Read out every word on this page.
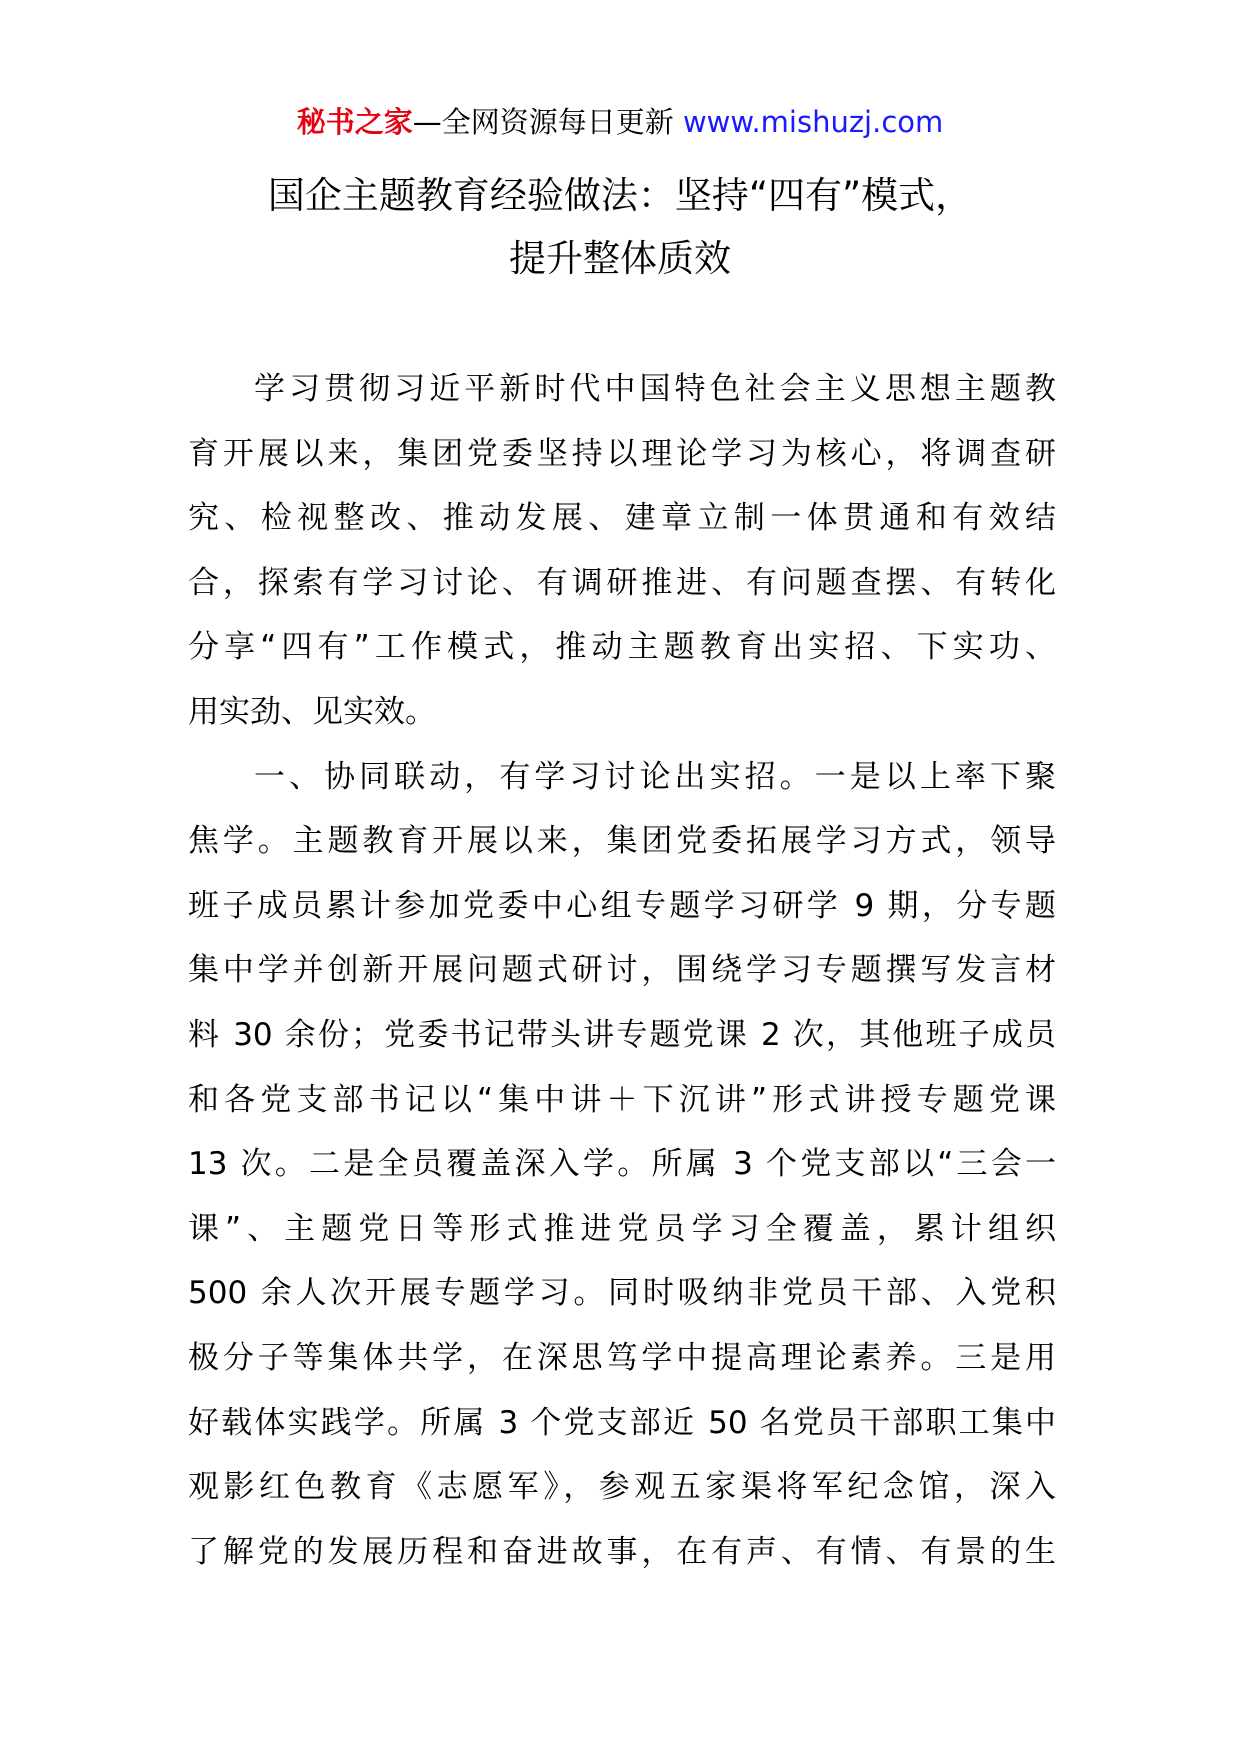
秘书之家—全网资源每日更新 www.mishuzj.com
国企主题教育经验做法：坚持“四有”模式，
提升整体质效
学习贯彻习近平新时代中国特色社会主义思想主题教
育开展以来，集团党委坚持以理论学习为核心，将调查研
究、检视整改、推动发展、建章立制一体贯通和有效结
合，探索有学习讨论、有调研推进、有问题查摆、有转化
分享“四有”工作模式，推动主题教育出实招、下实功、
用实劲、见实效。
一、协同联动，有学习讨论出实招。一是以上率下聚
焦学。主题教育开展以来，集团党委拓展学习方式，领导
班子成员累计参加党委中心组专题学习研学 9 期，分专题
集中学并创新开展问题式研讨，围绕学习专题撰写发言材
料 30 余份；党委书记带头讲专题党课 2 次，其他班子成员
和各党支部书记以“集中讲＋下沉讲”形式讲授专题党课
13 次。二是全员覆盖深入学。所属 3 个党支部以“三会一
课”、主题党日等形式推进党员学习全覆盖，累计组织
500 余人次开展专题学习。同时吸纳非党员干部、入党积
极分子等集体共学，在深思笃学中提高理论素养。三是用
好载体实践学。所属 3 个党支部近 50 名党员干部职工集中
观影红色教育《志愿军》，参观五家渠将军纪念馆，深入
了解党的发展历程和奋进故事，在有声、有情、有景的生
